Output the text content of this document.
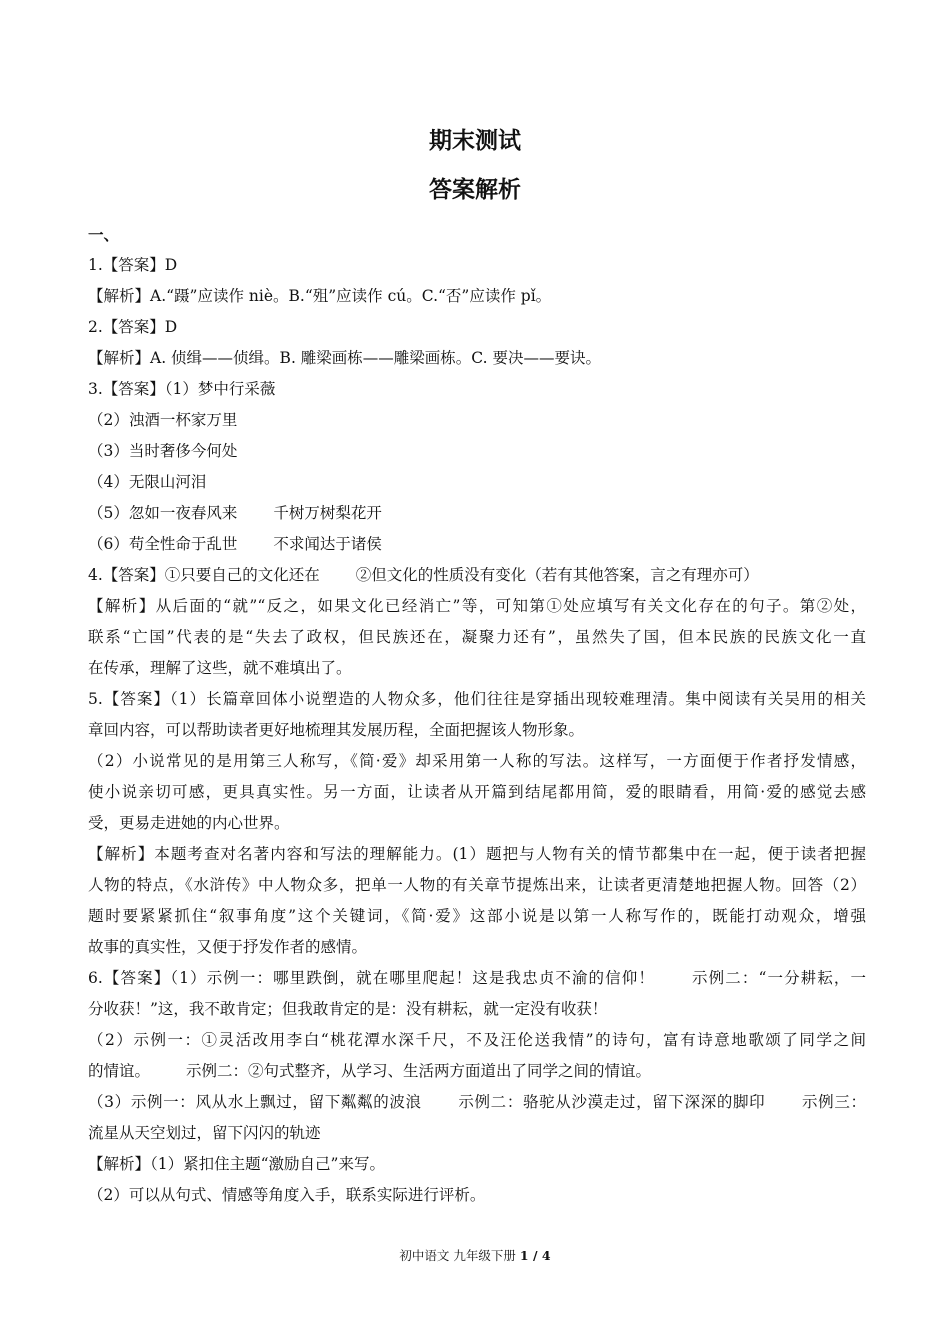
期末测试
答案解析
一、
1.【答案】D
【解析】A.“蹑”应读作 niè。B.“殂”应读作 cú。C.“否”应读作 pǐ。
2.【答案】D
【解析】A. 侦缉——侦缉。B. 雕梁画栋——雕梁画栋。C. 要决——要诀。
3.【答案】（1）梦中行采薇
（2）浊酒一杯家万里
（3）当时奢侈今何处
（4）无限山河泪
（5）忽如一夜春风来 千树万树梨花开
（6）苟全性命于乱世 不求闻达于诸侯
4.【答案】①只要自己的文化还在 ②但文化的性质没有变化（若有其他答案，言之有理亦可）
【解析】从后面的“就”“反之，如果文化已经消亡”等，可知第①处应填写有关文化存在的句子。第②处，
联系“亡国”代表的是“失去了政权，但民族还在，凝聚力还有”，虽然失了国，但本民族的民族文化一直
在传承，理解了这些，就不难填出了。
5.【答案】（1）长篇章回体小说塑造的人物众多，他们往往是穿插出现较难理清。集中阅读有关吴用的相关
章回内容，可以帮助读者更好地梳理其发展历程，全面把握该人物形象。
（2）小说常见的是用第三人称写，《简·爱》却采用第一人称的写法。这样写，一方面便于作者抒发情感，
使小说亲切可感，更具真实性。另一方面，让读者从开篇到结尾都用简，爱的眼睛看，用简·爱的感觉去感
受，更易走进她的内心世界。
【解析】本题考查对名著内容和写法的理解能力。(1）题把与人物有关的情节都集中在一起，便于读者把握
人物的特点，《水浒传》中人物众多，把单一人物的有关章节提炼出来，让读者更清楚地把握人物。回答（2）
题时要紧紧抓住“叙事角度”这个关键词，《简·爱》这部小说是以第一人称写作的，既能打动观众，增强
故事的真实性，又便于抒发作者的感情。
6.【答案】（1）示例一：哪里跌倒，就在哪里爬起！这是我忠贞不渝的信仰！ 示例二：“一分耕耘，一
分收获！”这，我不敢肯定；但我敢肯定的是：没有耕耘，就一定没有收获！
（2）示例一：①灵活改用李白“桃花潭水深千尺，不及汪伦送我情”的诗句，富有诗意地歌颂了同学之间
的情谊。 示例二：②句式整齐，从学习、生活两方面道出了同学之间的情谊。
（3）示例一：风从水上飘过，留下粼粼的波浪 示例二：骆驼从沙漠走过，留下深深的脚印 示例三：
流星从天空划过，留下闪闪的轨迹
【解析】（1）紧扣住主题“激励自己”来写。
（2）可以从句式、情感等角度入手，联系实际进行评析。
初中语文 九年级下册 1 / 4
